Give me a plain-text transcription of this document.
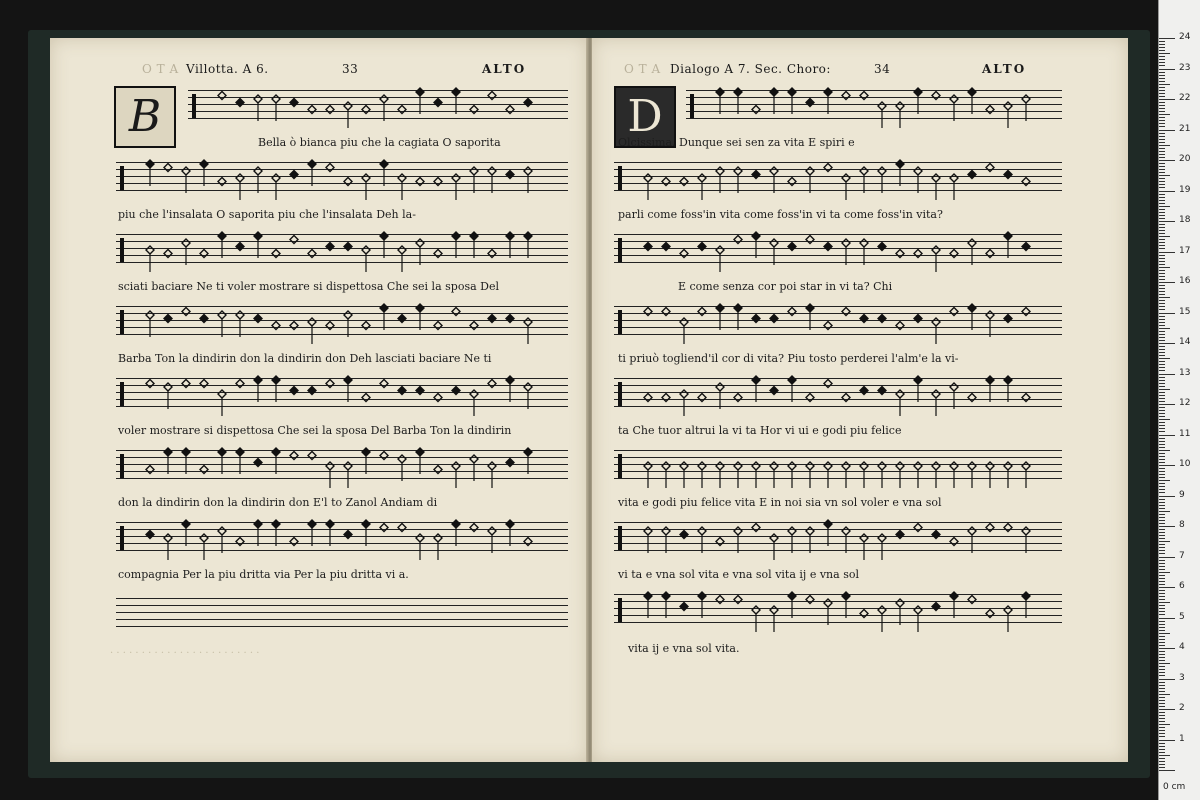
O T A Villotta. A 6.	33	ALTO
B
Bella ò bianca piu che la cagiata O saporita
piu che l'insalata O saporita piu che l'insalata Deh la-
sciati baciare Ne ti voler mostrare si dispettosa Che sei la sposa Del
Barba Ton la dindirin don la dindirin don Deh lasciati baciare Ne ti
voler mostrare si dispettosa Che sei la sposa Del Barba Ton la dindirin
don la dindirin don la dindirin don E'l to Zanol Andiam di
compagnia Per la piu dritta via Per la piu dritta vi a.
· · · · · · · · · · · · · · · · · · · · · · · ·
O T A Dialogo A 7. Sec. Choro:	34	ALTO
D
Olcissima. Dunque sei sen za vita E spiri e
parli come foss'in vita come foss'in vi ta come foss'in vita?
E come senza cor poi star in vi ta? Chi
ti priuò togliend'il cor di vita? Piu tosto perderei l'alm'e la vi-
ta Che tuor altrui la vi ta Hor vi ui e godi piu felice
vita e godi piu felice vita E in noi sia vn sol voler e vna sol
vi ta e vna sol vita e vna sol vita ij e vna sol
vita ij e vna sol vita.
1
2
3
4
5
6
7
8
9
10
11
12
13
14
15
16
17
18
19
20
21
22
23
24
0 cm
